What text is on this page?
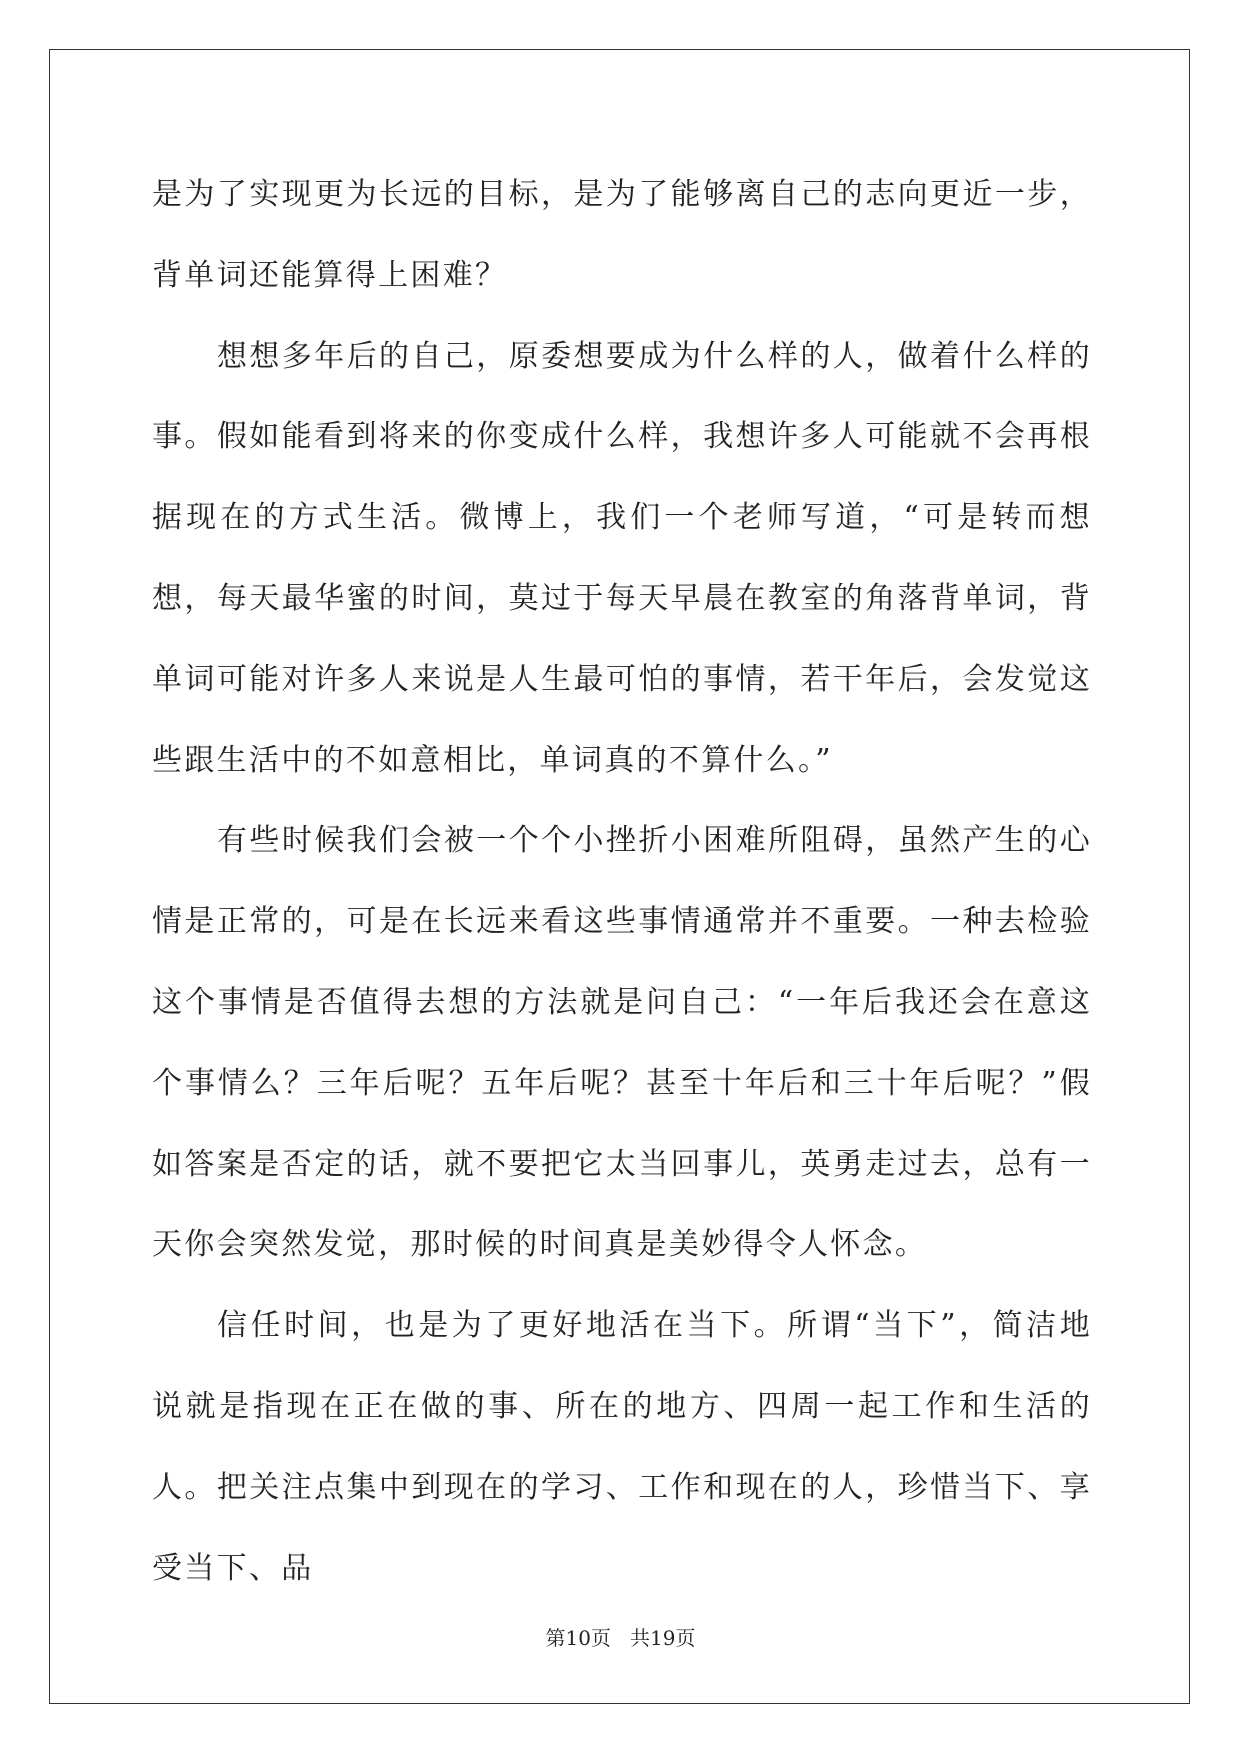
是为了实现更为长远的目标，是为了能够离自己的志向更近一步，背单词还能算得上困难？

想想多年后的自己，原委想要成为什么样的人，做着什么样的事。假如能看到将来的你变成什么样，我想许多人可能就不会再根据现在的方式生活。微博上，我们一个老师写道，“可是转而想想，每天最华蜜的时间，莫过于每天早晨在教室的角落背单词，背单词可能对许多人来说是人生最可怕的事情，若干年后，会发觉这些跟生活中的不如意相比，单词真的不算什么。”

有些时候我们会被一个个小挫折小困难所阻碍，虽然产生的心情是正常的，可是在长远来看这些事情通常并不重要。一种去检验这个事情是否值得去想的方法就是问自己：“一年后我还会在意这个事情么？三年后呢？五年后呢？甚至十年后和三十年后呢？”假如答案是否定的话，就不要把它太当回事儿，英勇走过去，总有一天你会突然发觉，那时候的时间真是美妙得令人怀念。

信任时间，也是为了更好地活在当下。所谓“当下”，简洁地说就是指现在正在做的事、所在的地方、四周一起工作和生活的人。把关注点集中到现在的学习、工作和现在的人，珍惜当下、享受当下、品

第10页   共19页
